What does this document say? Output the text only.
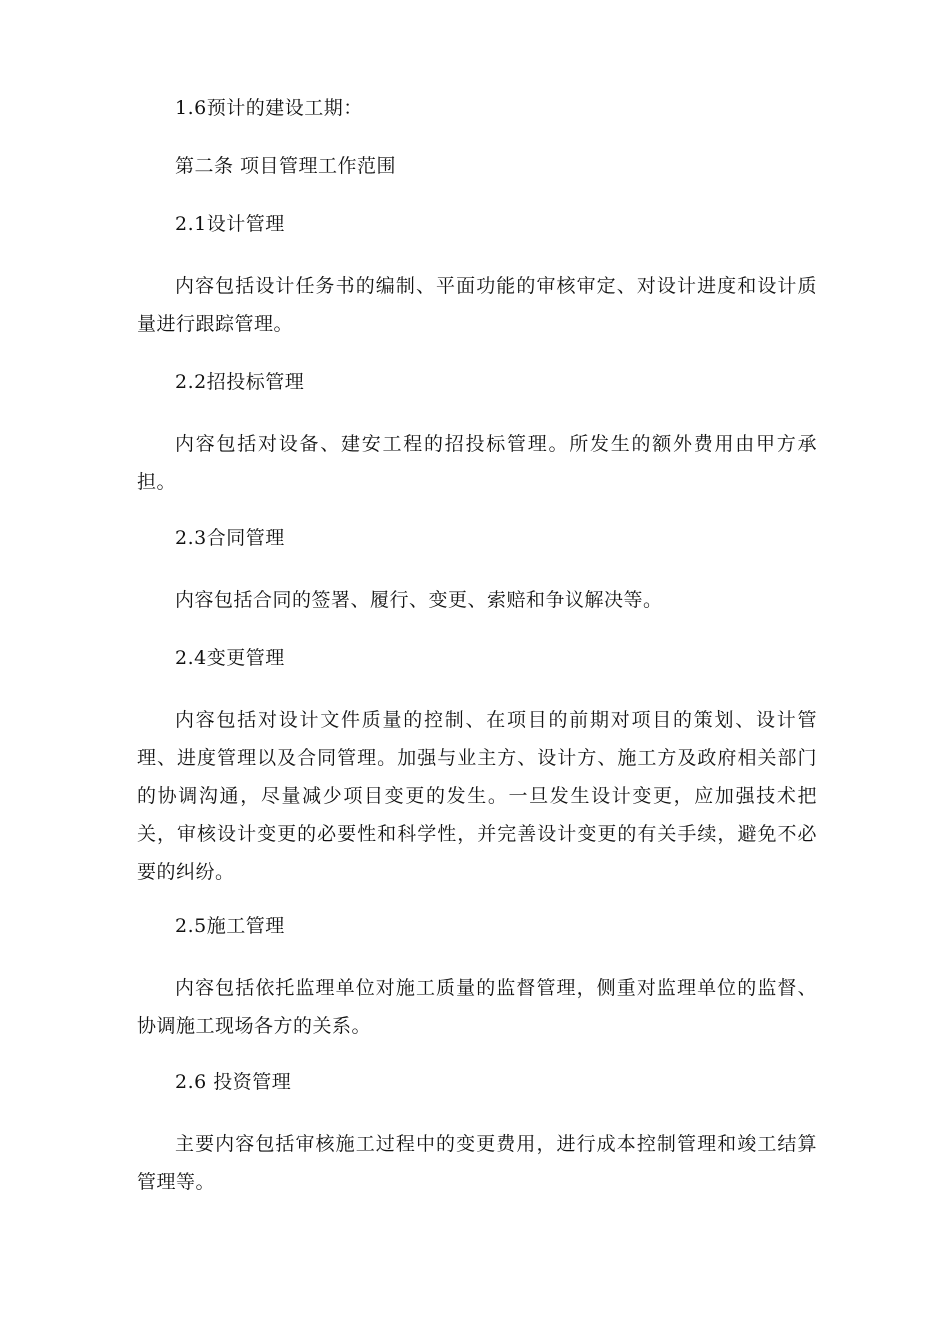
1.6预计的建设工期：

第二条 项目管理工作范围

2.1设计管理

内容包括设计任务书的编制、平面功能的审核审定、对设计进度和设计质量进行跟踪管理。

2.2招投标管理

内容包括对设备、建安工程的招投标管理。所发生的额外费用由甲方承担。

2.3合同管理

内容包括合同的签署、履行、变更、索赔和争议解决等。

2.4变更管理

内容包括对设计文件质量的控制、在项目的前期对项目的策划、设计管理、进度管理以及合同管理。加强与业主方、设计方、施工方及政府相关部门的协调沟通，尽量减少项目变更的发生。一旦发生设计变更，应加强技术把关，审核设计变更的必要性和科学性，并完善设计变更的有关手续，避免不必要的纠纷。

2.5施工管理

内容包括依托监理单位对施工质量的监督管理，侧重对监理单位的监督、协调施工现场各方的关系。

2.6 投资管理

主要内容包括审核施工过程中的变更费用，进行成本控制管理和竣工结算管理等。
